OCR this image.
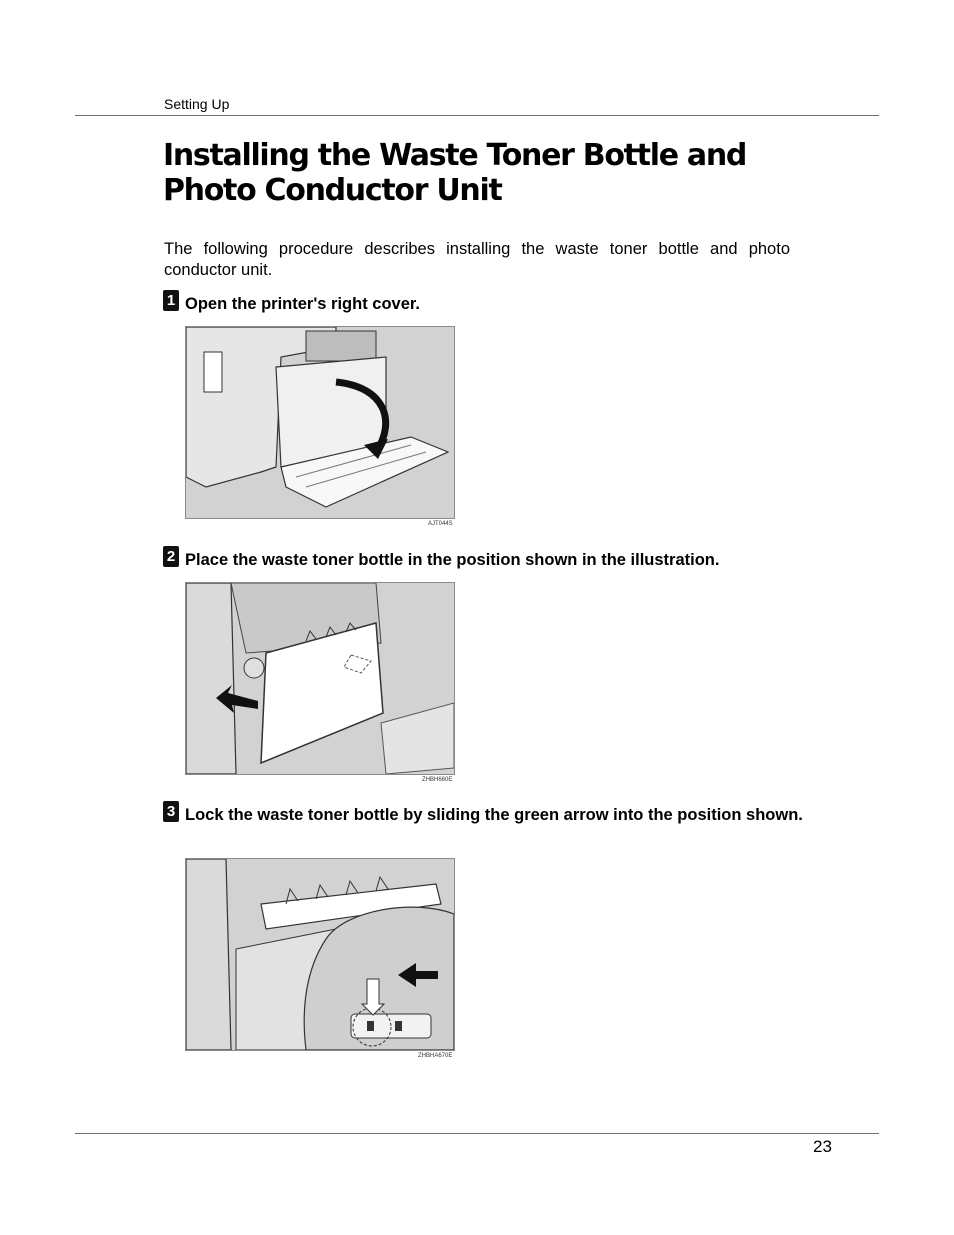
Setting Up
Installing the Waste Toner Bottle and Photo Conductor Unit

The following procedure describes installing the waste toner bottle and photo conductor unit.

1 Open the printer's right cover.

AJT044S
2 Place the waste toner bottle in the position shown in the illustration.

ZHBH660E
3 Lock the waste toner bottle by sliding the green arrow into the position shown.

ZHBHA670E
23
